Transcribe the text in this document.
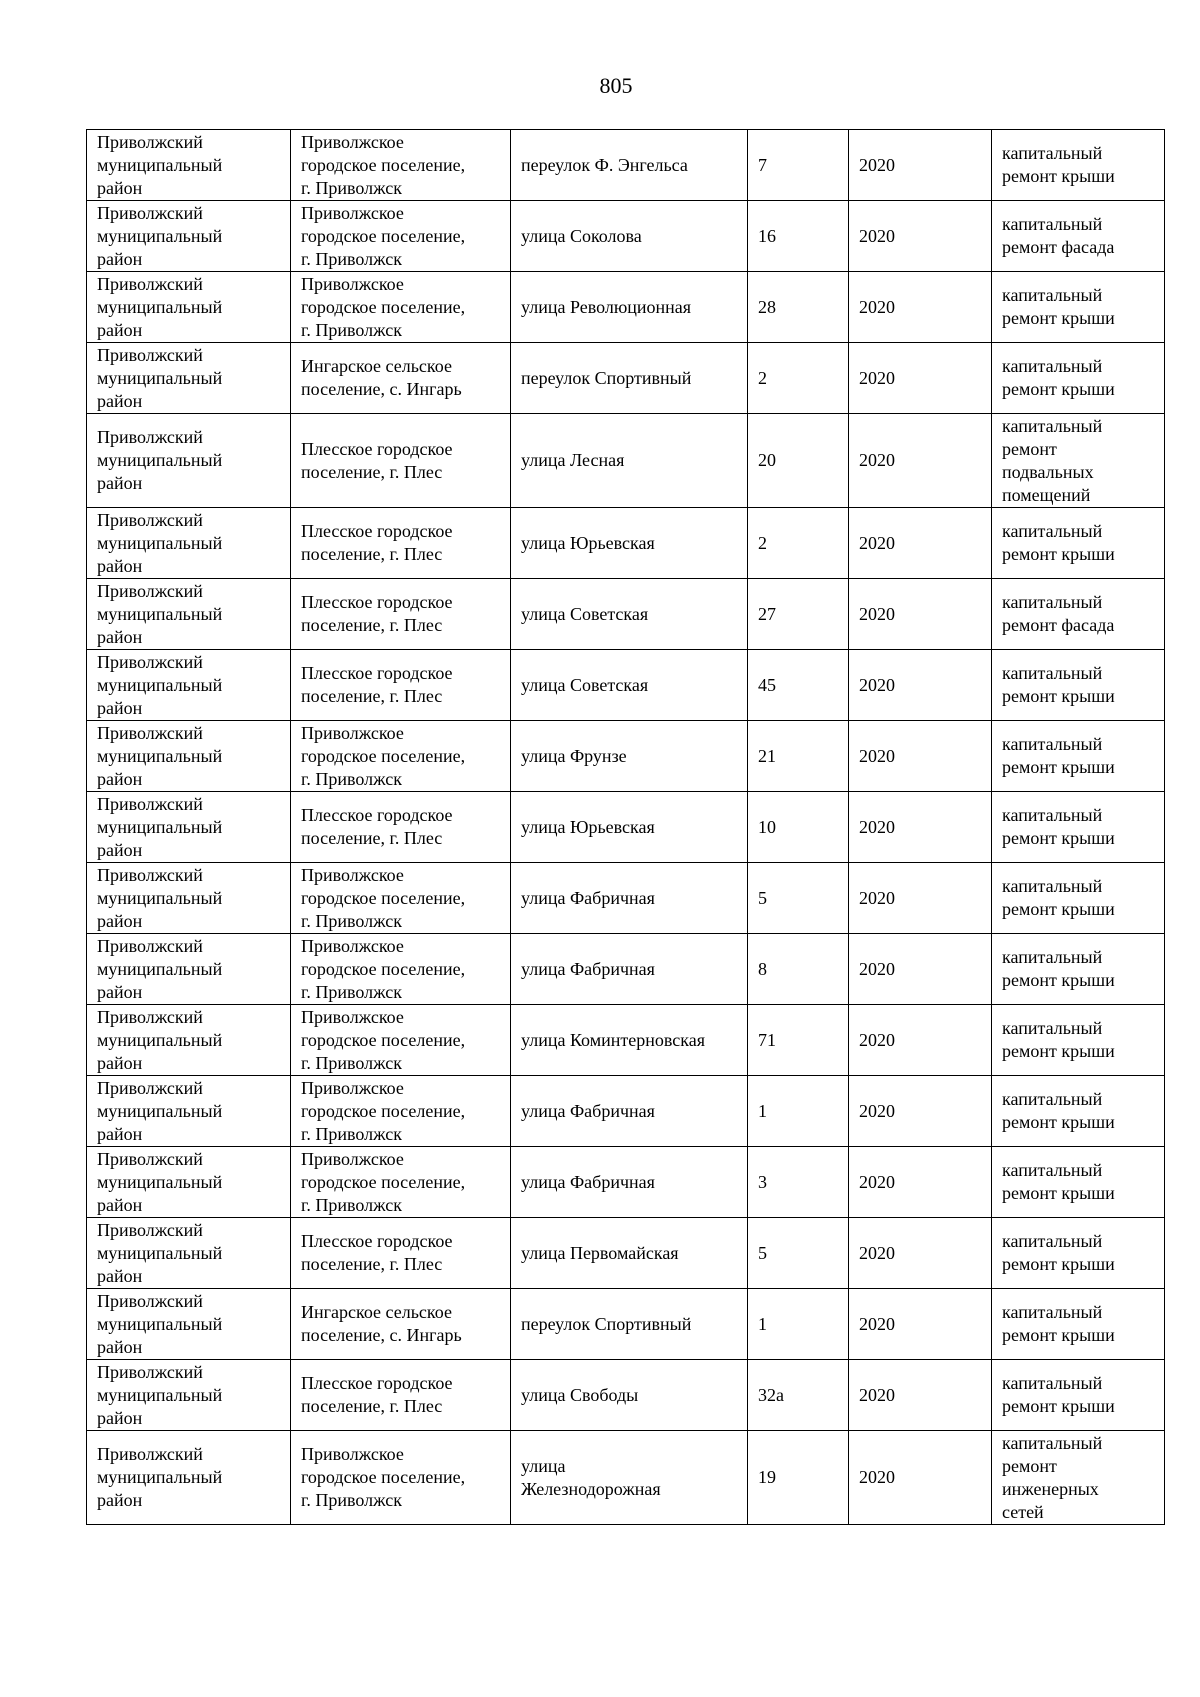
805
Приволжский
муниципальный
район	Приволжское
городское поселение,
г. Приволжск	переулок Ф. Энгельса	7	2020	капитальный
ремонт крыши
Приволжский
муниципальный
район	Приволжское
городское поселение,
г. Приволжск	улица Соколова	16	2020	капитальный
ремонт фасада
Приволжский
муниципальный
район	Приволжское
городское поселение,
г. Приволжск	улица Революционная	28	2020	капитальный
ремонт крыши
Приволжский
муниципальный
район	Ингарское сельское
поселение, с. Ингарь	переулок Спортивный	2	2020	капитальный
ремонт крыши
Приволжский
муниципальный
район	Плесское городское
поселение, г. Плес	улица Лесная	20	2020	капитальный
ремонт
подвальных
помещений
Приволжский
муниципальный
район	Плесское городское
поселение, г. Плес	улица Юрьевская	2	2020	капитальный
ремонт крыши
Приволжский
муниципальный
район	Плесское городское
поселение, г. Плес	улица Советская	27	2020	капитальный
ремонт фасада
Приволжский
муниципальный
район	Плесское городское
поселение, г. Плес	улица Советская	45	2020	капитальный
ремонт крыши
Приволжский
муниципальный
район	Приволжское
городское поселение,
г. Приволжск	улица Фрунзе	21	2020	капитальный
ремонт крыши
Приволжский
муниципальный
район	Плесское городское
поселение, г. Плес	улица Юрьевская	10	2020	капитальный
ремонт крыши
Приволжский
муниципальный
район	Приволжское
городское поселение,
г. Приволжск	улица Фабричная	5	2020	капитальный
ремонт крыши
Приволжский
муниципальный
район	Приволжское
городское поселение,
г. Приволжск	улица Фабричная	8	2020	капитальный
ремонт крыши
Приволжский
муниципальный
район	Приволжское
городское поселение,
г. Приволжск	улица Коминтерновская	71	2020	капитальный
ремонт крыши
Приволжский
муниципальный
район	Приволжское
городское поселение,
г. Приволжск	улица Фабричная	1	2020	капитальный
ремонт крыши
Приволжский
муниципальный
район	Приволжское
городское поселение,
г. Приволжск	улица Фабричная	3	2020	капитальный
ремонт крыши
Приволжский
муниципальный
район	Плесское городское
поселение, г. Плес	улица Первомайская	5	2020	капитальный
ремонт крыши
Приволжский
муниципальный
район	Ингарское сельское
поселение, с. Ингарь	переулок Спортивный	1	2020	капитальный
ремонт крыши
Приволжский
муниципальный
район	Плесское городское
поселение, г. Плес	улица Свободы	32а	2020	капитальный
ремонт крыши
Приволжский
муниципальный
район	Приволжское
городское поселение,
г. Приволжск	улица
Железнодорожная	19	2020	капитальный
ремонт
инженерных
сетей
